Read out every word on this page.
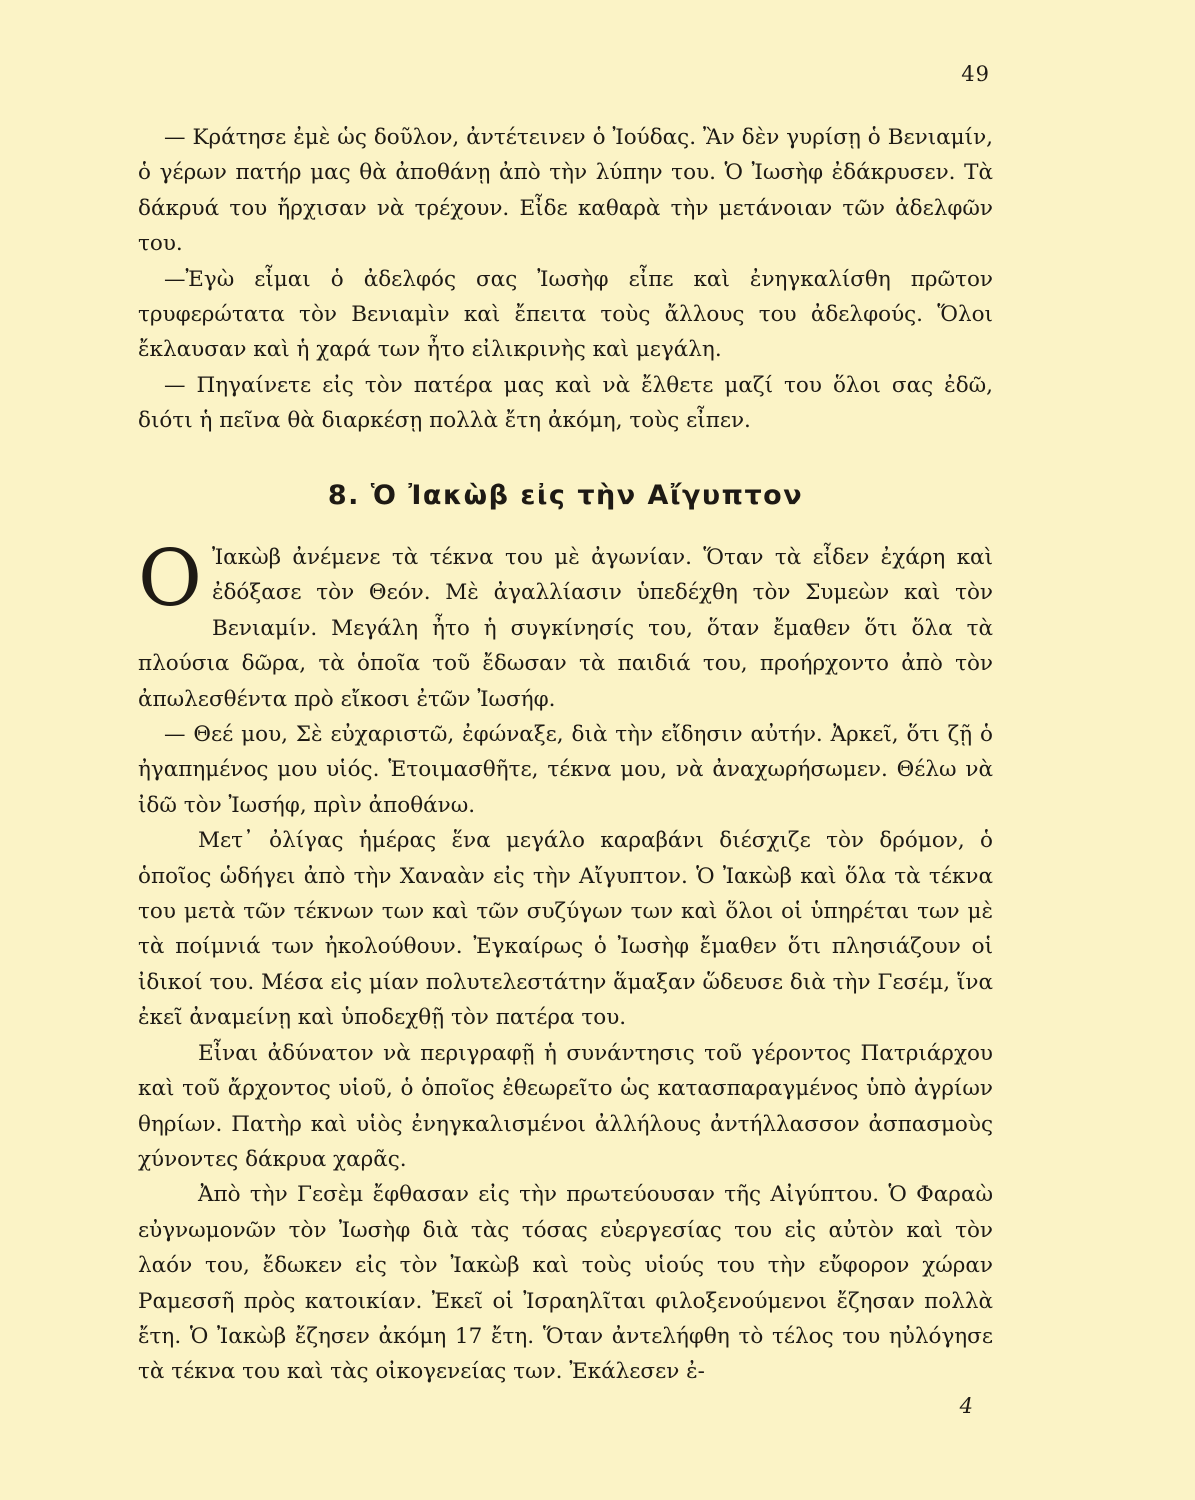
49

— Κράτησε ἐμὲ ὡς δοῦλον, ἀντέτεινεν ὁ Ἰούδας. Ἂν δὲν γυρίσῃ ὁ Βενιαμίν, ὁ γέρων πατήρ μας θὰ ἀποθάνῃ ἀπὸ τὴν λύπην του. Ὁ Ἰωσὴφ ἐδάκρυσεν. Τὰ δάκρυά του ἤρχισαν νὰ τρέχουν. Εἶδε καθαρὰ τὴν μετάνοιαν τῶν ἀδελφῶν του.

—Ἐγὼ εἶμαι ὁ ἀδελφός σας Ἰωσὴφ εἶπε καὶ ἐνηγκαλίσθη πρῶτον τρυφερώτατα τὸν Βενιαμὶν καὶ ἔπειτα τοὺς ἄλλους του ἀδελφούς. Ὅλοι ἔκλαυσαν καὶ ἡ χαρά των ἦτο εἰλικρινὴς καὶ μεγάλη.

— Πηγαίνετε εἰς τὸν πατέρα μας καὶ νὰ ἔλθετε μαζί του ὅλοι σας ἐδῶ, διότι ἡ πεῖνα θὰ διαρκέσῃ πολλὰ ἔτη ἀκόμη, τοὺς εἶπεν.

8. Ὁ Ἰακὼβ εἰς τὴν Αἴγυπτον

Ο Ἰακὼβ ἀνέμενε τὰ τέκνα του μὲ ἀγωνίαν. Ὅταν τὰ εἶδεν ἐχάρη καὶ ἐδόξασε τὸν Θεόν. Μὲ ἀγαλλίασιν ὑπεδέχθη τὸν Συμεὼν καὶ τὸν Βενιαμίν. Μεγάλη ἦτο ἡ συγκίνησίς του, ὅταν ἔμαθεν ὅτι ὅλα τὰ πλούσια δῶρα, τὰ ὁποῖα τοῦ ἔδωσαν τὰ παιδιά του, προήρχοντο ἀπὸ τὸν ἀπωλεσθέντα πρὸ εἴκοσι ἐτῶν Ἰωσήφ.

— Θεέ μου, Σὲ εὐχαριστῶ, ἐφώναξε, διὰ τὴν εἴδησιν αὐτήν. Ἀρκεῖ, ὅτι ζῇ ὁ ἠγαπημένος μου υἱός. Ἑτοιμασθῆτε, τέκνα μου, νὰ ἀναχωρήσωμεν. Θέλω νὰ ἰδῶ τὸν Ἰωσήφ, πρὶν ἀποθάνω.

Μετ᾽ ὀλίγας ἡμέρας ἕνα μεγάλο καραβάνι διέσχιζε τὸν δρόμον, ὁ ὁποῖος ὡδήγει ἀπὸ τὴν Χαναὰν εἰς τὴν Αἴγυπτον. Ὁ Ἰακὼβ καὶ ὅλα τὰ τέκνα του μετὰ τῶν τέκνων των καὶ τῶν συζύγων των καὶ ὅλοι οἱ ὑπηρέται των μὲ τὰ ποίμνιά των ἠκολούθουν. Ἐγκαίρως ὁ Ἰωσὴφ ἔμαθεν ὅτι πλησιάζουν οἱ ἰδικοί του. Μέσα εἰς μίαν πολυτελεστάτην ἅμαξαν ὥδευσε διὰ τὴν Γεσέμ, ἵνα ἐκεῖ ἀναμείνῃ καὶ ὑποδεχθῇ τὸν πατέρα του.

Εἶναι ἀδύνατον νὰ περιγραφῇ ἡ συνάντησις τοῦ γέροντος Πατριάρχου καὶ τοῦ ἄρχοντος υἱοῦ, ὁ ὁποῖος ἐθεωρεῖτο ὡς κατασπαραγμένος ὑπὸ ἀγρίων θηρίων. Πατὴρ καὶ υἱὸς ἐνηγκαλισμένοι ἀλλήλους ἀντήλλασσον ἀσπασμοὺς χύνοντες δάκρυα χαρᾶς.

Ἀπὸ τὴν Γεσὲμ ἔφθασαν εἰς τὴν πρωτεύουσαν τῆς Αἰγύπτου. Ὁ Φαραὼ εὐγνωμονῶν τὸν Ἰωσὴφ διὰ τὰς τόσας εὐεργεσίας του εἰς αὐτὸν καὶ τὸν λαόν του, ἔδωκεν εἰς τὸν Ἰακὼβ καὶ τοὺς υἱούς του τὴν εὔφορον χώραν Ραμεσσῆ πρὸς κατοικίαν. Ἐκεῖ οἱ Ἰσραηλῖται φιλοξενούμενοι ἔζησαν πολλὰ ἔτη. Ὁ Ἰακὼβ ἔζησεν ἀκόμη 17 ἔτη. Ὅταν ἀντελήφθη τὸ τέλος του ηὐλόγησε τὰ τέκνα του καὶ τὰς οἰκογενείας των. Ἐκάλεσεν ἐ-

4
